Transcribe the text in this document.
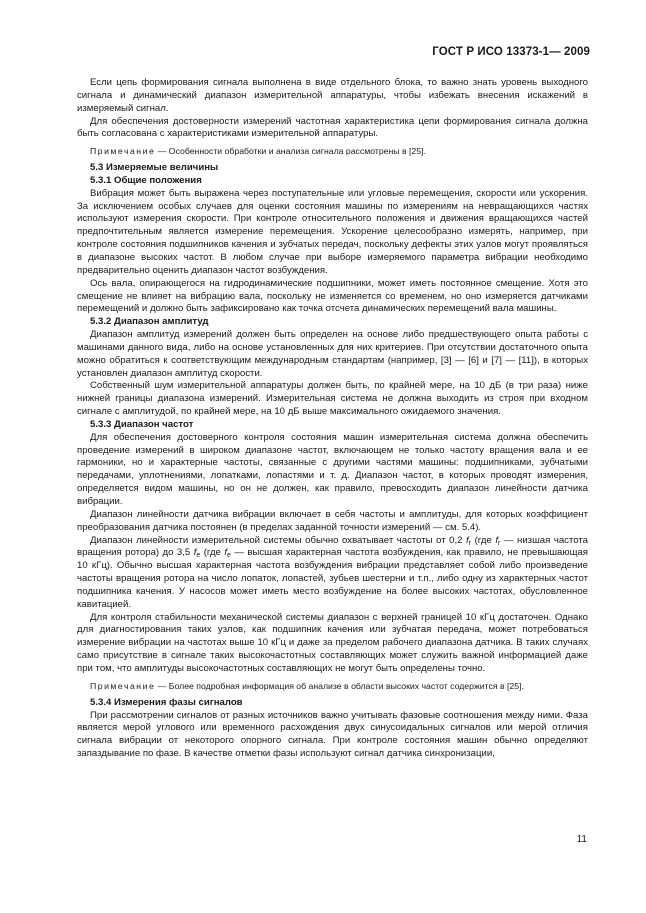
ГОСТ Р ИСО 13373-1— 2009

Если цепь формирования сигнала выполнена в виде отдельного блока, то важно знать уровень выходного сигнала и динамический диапазон измерительной аппаратуры, чтобы избежать внесения искажений в измеряемый сигнал.

Для обеспечения достоверности измерений частотная характеристика цепи формирования сигнала должна быть согласована с характеристиками измерительной аппаратуры.

Примечание — Особенности обработки и анализа сигнала рассмотрены в [25].

5.3 Измеряемые величины

5.3.1 Общие положения

Вибрация может быть выражена через поступательные или угловые перемещения, скорости или ускорения. За исключением особых случаев для оценки состояния машины по измерениям на невращающихся частях используют измерения скорости. При контроле относительного положения и движения вращающихся частей предпочтительным является измерение перемещения. Ускорение целесообразно измерять, например, при контроле состояния подшипников качения и зубчатых передач, поскольку дефекты этих узлов могут проявляться в диапазоне высоких частот. В любом случае при выборе измеряемого параметра вибрации необходимо предварительно оценить диапазон частот возбуждения.

Ось вала, опирающегося на гидродинамические подшипники, может иметь постоянное смещение. Хотя это смещение не влияет на вибрацию вала, поскольку не изменяется со временем, но оно измеряется датчиками перемещений и должно быть зафиксировано как точка отсчета динамических перемещений вала машины.

5.3.2 Диапазон амплитуд

Диапазон амплитуд измерений должен быть определен на основе либо предшествующего опыта работы с машинами данного вида, либо на основе установленных для них критериев. При отсутствии достаточного опыта можно обратиться к соответствующим международным стандартам (например, [3] — [6] и [7] — [11]), в которых установлен диапазон амплитуд скорости.

Собственный шум измерительной аппаратуры должен быть, по крайней мере, на 10 дБ (в три раза) ниже нижней границы диапазона измерений. Измерительная система не должна выходить из строя при входном сигнале с амплитудой, по крайней мере, на 10 дБ выше максимального ожидаемого значения.

5.3.3 Диапазон частот

Для обеспечения достоверного контроля состояния машин измерительная система должна обеспечить проведение измерений в широком диапазоне частот, включающем не только частоту вращения вала и ее гармоники, но и характерные частоты, связанные с другими частями машины: подшипниками, зубчатыми передачами, уплотнениями, лопатками, лопастями и т. д. Диапазон частот, в которых проводят измерения, определяется видом машины, но он не должен, как правило, превосходить диапазон линейности датчика вибрации.

Диапазон линейности датчика вибрации включает в себя частоты и амплитуды, для которых коэффициент преобразования датчика постоянен (в пределах заданной точности измерений — см. 5.4).

Диапазон линейности измерительной системы обычно охватывает частоты от 0,2 $f_r$ (где $f_r$ — низшая частота вращения ротора) до 3,5 $f_e$ (где $f_e$ — высшая характерная частота возбуждения, как правило, не превышающая 10 кГц). Обычно высшая характерная частота возбуждения вибрации представляет собой либо произведение частоты вращения ротора на число лопаток, лопастей, зубьев шестерни и т.п., либо одну из характерных частот подшипника качения. У насосов может иметь место возбуждение на более высоких частотах, обусловленное кавитацией.

Для контроля стабильности механической системы диапазон с верхней границей 10 кГц достаточен. Однако для диагностирования таких узлов, как подшипник качения или зубчатая передача, может потребоваться измерение вибрации на частотах выше 10 кГц и даже за пределом рабочего диапазона датчика. В таких случаях само присутствие в сигнале таких высокочастотных составляющих может служить важной информацией даже при том, что амплитуды высокочастотных составляющих не могут быть определены точно.

Примечание — Более подробная информация об анализе в области высоких частот содержится в [25].

5.3.4 Измерения фазы сигналов

При рассмотрении сигналов от разных источников важно учитывать фазовые соотношения между ними. Фаза является мерой углового или временного расхождения двух синусоидальных сигналов или мерой отличия сигнала вибрации от некоторого опорного сигнала. При контроле состояния машин обычно определяют запаздывание по фазе. В качестве отметки фазы используют сигнал датчика синхронизации,

11
